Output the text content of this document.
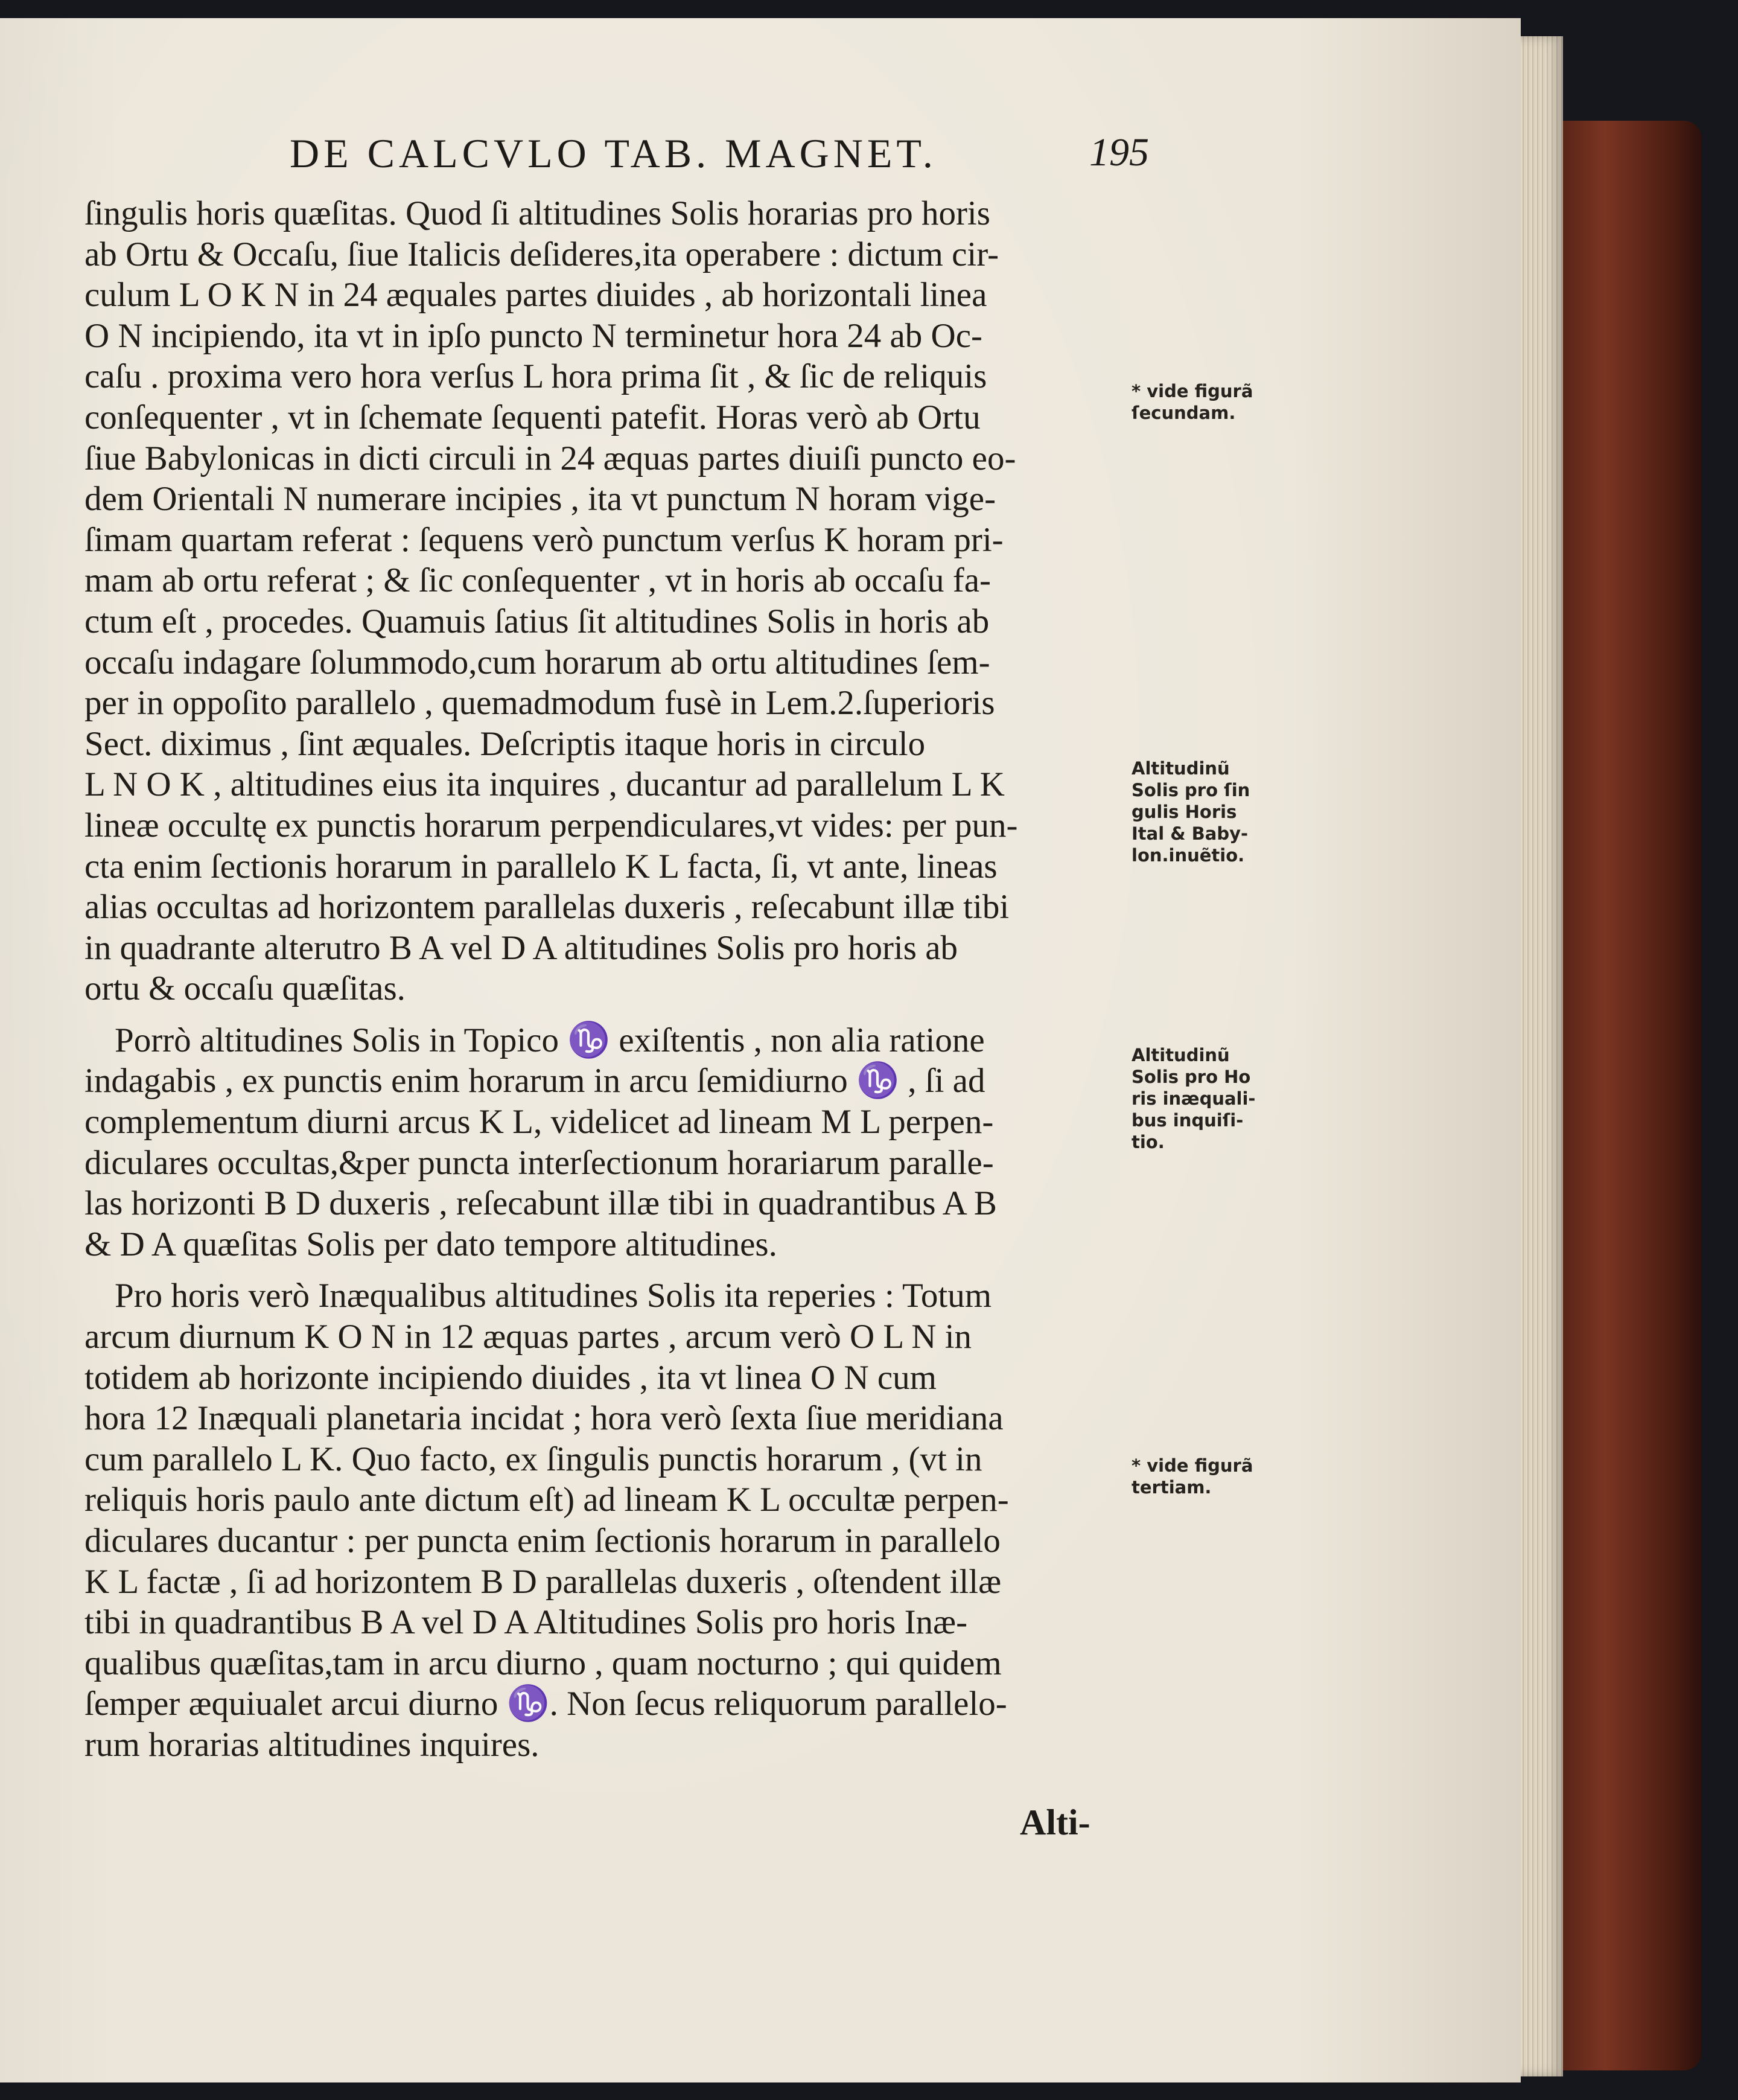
DE CALCVLO TAB. MAGNET.	195
ſingulis horis quæſitas. Quod ſi altitudines Solis horarias pro horis
ab Ortu & Occaſu, ſiue Italicis deſideres,ita operabere : dictum cir-
culum L O K N in 24 æquales partes diuides , ab horizontali linea
O N incipiendo, ita vt in ipſo puncto N terminetur hora 24 ab Oc-
caſu . proxima vero hora verſus L hora prima ſit , & ſic de reliquis
conſequenter , vt in ſchemate ſequenti patefit. Horas verò ab Ortu
ſiue Babylonicas in dicti circuli in 24 æquas partes diuiſi puncto eo-
dem Orientali N numerare incipies , ita vt punctum N horam vige-
ſimam quartam referat : ſequens verò punctum verſus K horam pri-
mam ab ortu referat ; & ſic conſequenter , vt in horis ab occaſu fa-
ctum eſt , procedes. Quamuis ſatius ſit altitudines Solis in horis ab
occaſu indagare ſolummodo,cum horarum ab ortu altitudines ſem-
per in oppoſito parallelo , quemadmodum fusè in Lem.2.ſuperioris
Sect. diximus , ſint æquales. Deſcriptis itaque horis in circulo
L N O K , altitudines eius ita inquires , ducantur ad parallelum L K
lineæ occultę ex punctis horarum perpendiculares,vt vides: per pun-
cta enim ſectionis horarum in parallelo K L facta, ſi, vt ante, lineas
alias occultas ad horizontem parallelas duxeris , reſecabunt illæ tibi
in quadrante alterutro B A vel D A altitudines Solis pro horis ab
ortu & occaſu quæſitas.
Porrò altitudines Solis in Topico ♑ exiſtentis , non alia ratione
indagabis , ex punctis enim horarum in arcu ſemidiurno ♑ , ſi ad
complementum diurni arcus K L, videlicet ad lineam M L perpen-
diculares occultas,&per puncta interſectionum horariarum paralle-
las horizonti B D duxeris , reſecabunt illæ tibi in quadrantibus A B
& D A quæſitas Solis per dato tempore altitudines.
Pro horis verò Inæqualibus altitudines Solis ita reperies : Totum
arcum diurnum K O N in 12 æquas partes , arcum verò O L N in
totidem ab horizonte incipiendo diuides , ita vt linea O N cum
hora 12 Inæquali planetaria incidat ; hora verò ſexta ſiue meridiana
cum parallelo L K. Quo facto, ex ſingulis punctis horarum , (vt in
reliquis horis paulo ante dictum eſt) ad lineam K L occultæ perpen-
diculares ducantur : per puncta enim ſectionis horarum in parallelo
K L factæ , ſi ad horizontem B D parallelas duxeris , oſtendent illæ
tibi in quadrantibus B A vel D A Altitudines Solis pro horis Inæ-
qualibus quæſitas,tam in arcu diurno , quam nocturno ; qui quidem
ſemper æquiualet arcui diurno ♑. Non ſecus reliquorum parallelo-
rum horarias altitudines inquires.
* vide figurã
ſecundam.
Altitudinũ
Solis pro ſin
gulis Horis
Ital & Baby-
lon.inuẽtio.
Altitudinũ
Solis pro Ho
ris inæquali-
bus inquiſi-
tio.
* vide figurã
tertiam.
Alti-
